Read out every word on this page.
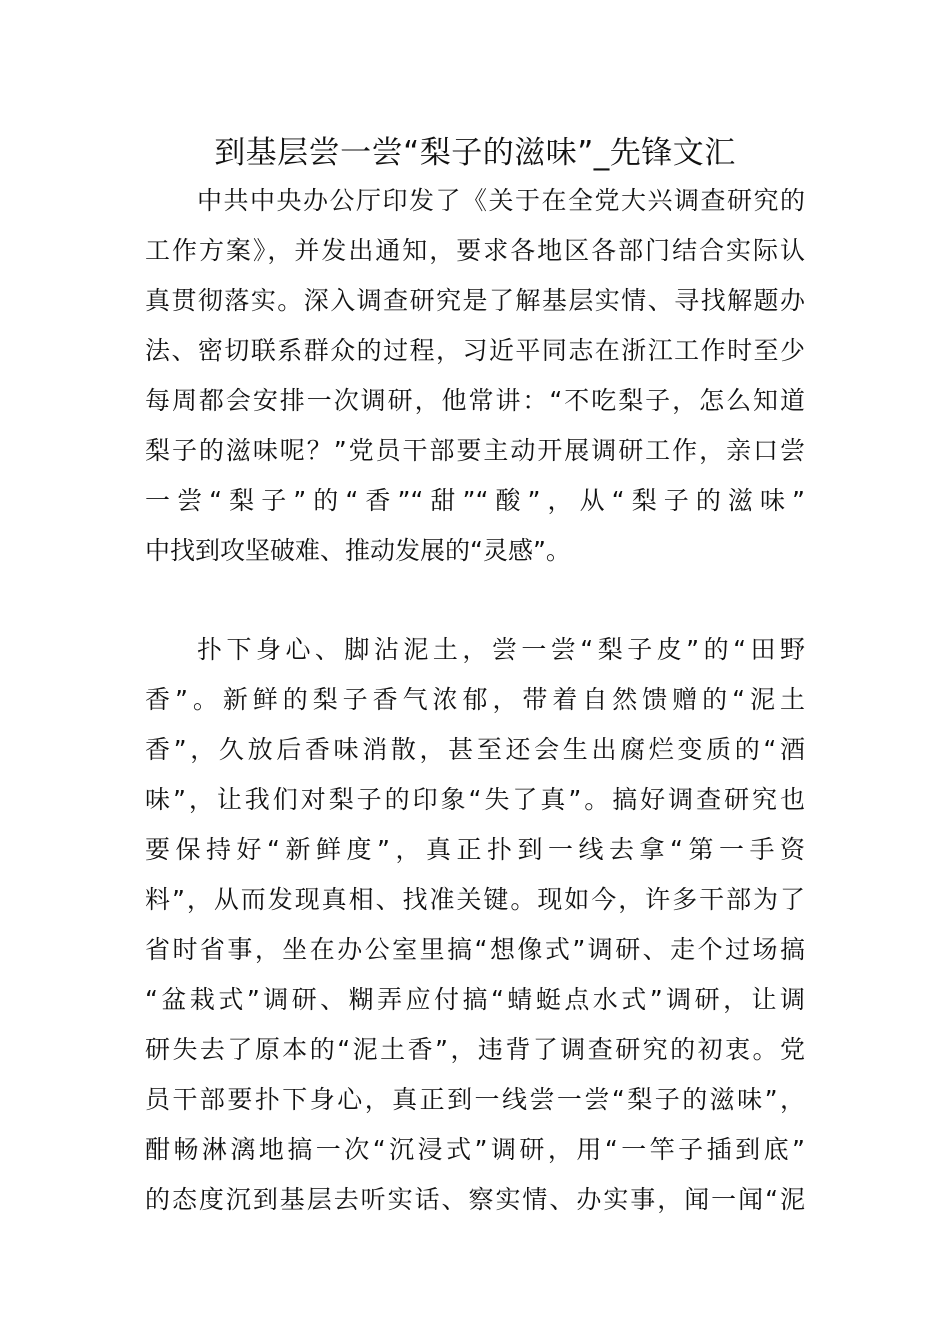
到基层尝一尝“梨子的滋味”_先锋文汇
中共中央办公厅印发了《关于在全党大兴调查研究的
工作方案》，并发出通知，要求各地区各部门结合实际认
真贯彻落实。深入调查研究是了解基层实情、寻找解题办
法、密切联系群众的过程，习近平同志在浙江工作时至少
每周都会安排一次调研，他常讲：“不吃梨子，怎么知道
梨子的滋味呢？”党员干部要主动开展调研工作，亲口尝
一尝“梨子”的“香”“甜”“酸”，从“梨子的滋味”
中找到攻坚破难、推动发展的“灵感”。
扑下身心、脚沾泥土，尝一尝“梨子皮”的“田野
香”。新鲜的梨子香气浓郁，带着自然馈赠的“泥土
香”，久放后香味消散，甚至还会生出腐烂变质的“酒
味”，让我们对梨子的印象“失了真”。搞好调查研究也
要保持好“新鲜度”，真正扑到一线去拿“第一手资
料”，从而发现真相、找准关键。现如今，许多干部为了
省时省事，坐在办公室里搞“想像式”调研、走个过场搞
“盆栽式”调研、糊弄应付搞“蜻蜓点水式”调研，让调
研失去了原本的“泥土香”，违背了调查研究的初衷。党
员干部要扑下身心，真正到一线尝一尝“梨子的滋味”，
酣畅淋漓地搞一次“沉浸式”调研，用“一竿子插到底”
的态度沉到基层去听实话、察实情、办实事，闻一闻“泥
